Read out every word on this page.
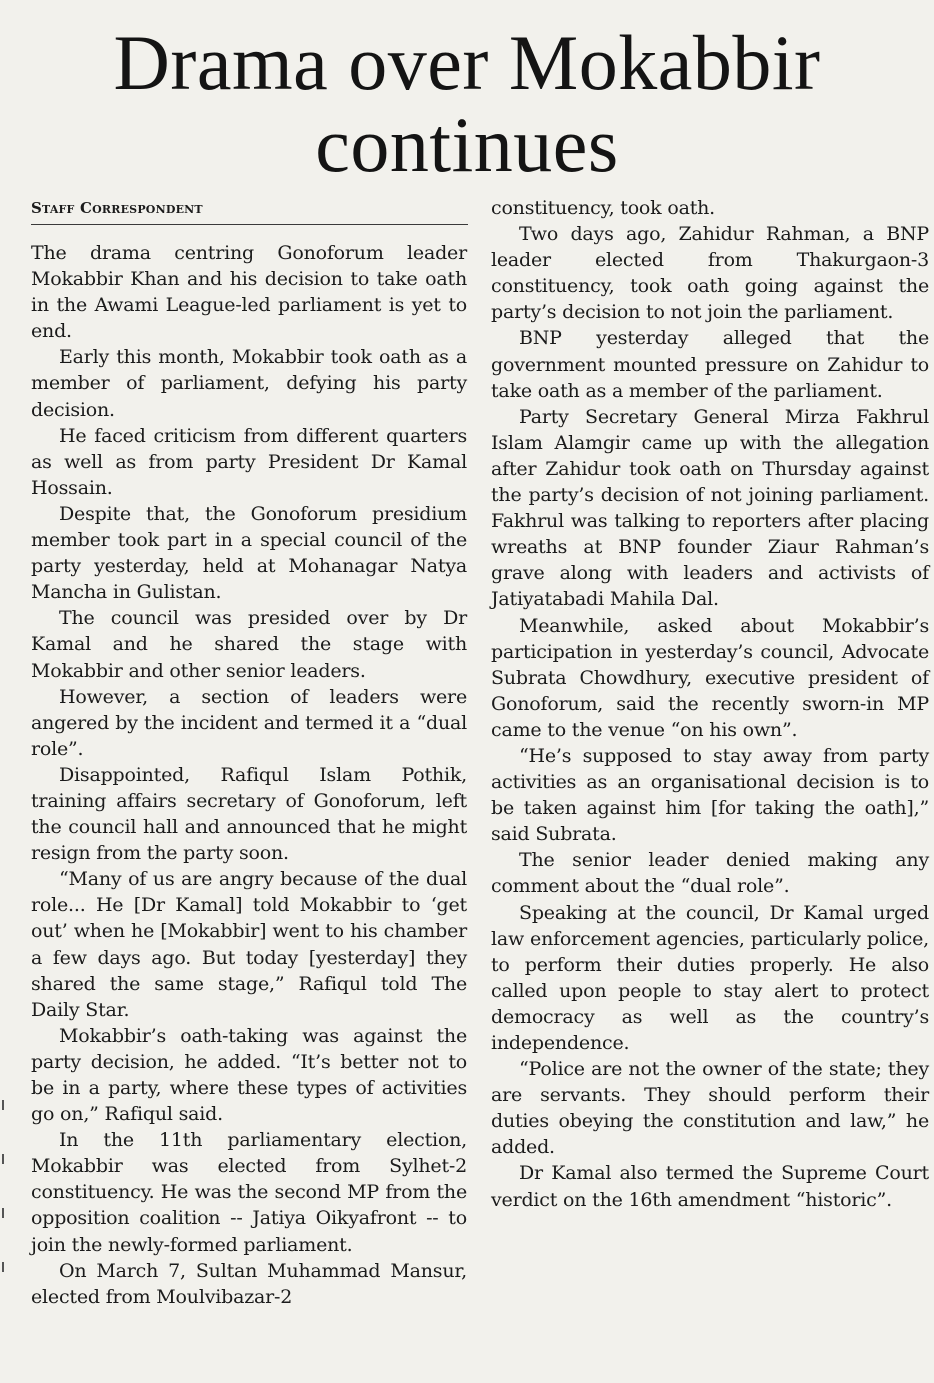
Drama over Mokabbir
continues
Staff Correspondent

The drama centring Gonoforum leader Mokabbir Khan and his decision to take oath in the Awami League-led parliament is yet to end.

Early this month, Mokabbir took oath as a member of parliament, defying his party decision.

He faced criticism from different quarters as well as from party President Dr Kamal Hossain.

Despite that, the Gonoforum presidium member took part in a special council of the party yesterday, held at Mohanagar Natya Mancha in Gulistan.

The council was presided over by Dr Kamal and he shared the stage with Mokabbir and other senior leaders.

However, a section of leaders were angered by the incident and termed it a “dual role”.

Disappointed, Rafiqul Islam Pothik, training affairs secretary of Gonoforum, left the council hall and announced that he might resign from the party soon.

“Many of us are angry because of the dual role... He [Dr Kamal] told Mokabbir to ‘get out’ when he [Mokabbir] went to his chamber a few days ago. But today [yesterday] they shared the same stage,” Rafiqul told The Daily Star.

Mokabbir’s oath-taking was against the party decision, he added. “It’s better not to be in a party, where these types of activities go on,” Rafiqul said.

In the 11th parliamentary election, Mokabbir was elected from Sylhet-2 constituency. He was the second MP from the opposition coalition -- Jatiya Oikyafront -- to join the newly-formed parliament.

On March 7, Sultan Muhammad Mansur, elected from Moulvibazar-2

constituency, took oath.

Two days ago, Zahidur Rahman, a BNP leader elected from Thakurgaon-3 constituency, took oath going against the party’s decision to not join the parliament.

BNP yesterday alleged that the government mounted pressure on Zahidur to take oath as a member of the parliament.

Party Secretary General Mirza Fakhrul Islam Alamgir came up with the allegation after Zahidur took oath on Thursday against the party’s decision of not joining parliament. Fakhrul was talking to reporters after placing wreaths at BNP founder Ziaur Rahman’s grave along with leaders and activists of Jatiyatabadi Mahila Dal.

Meanwhile, asked about Mokabbir’s participation in yesterday’s council, Advocate Subrata Chowdhury, executive president of Gonoforum, said the recently sworn-in MP came to the venue “on his own”.

“He’s supposed to stay away from party activities as an organisational decision is to be taken against him [for taking the oath],” said Subrata.

The senior leader denied making any comment about the “dual role”.

Speaking at the council, Dr Kamal urged law enforcement agencies, particularly police, to perform their duties properly. He also called upon people to stay alert to protect democracy as well as the country’s independence.

“Police are not the owner of the state; they are servants. They should perform their duties obeying the constitution and law,” he added.

Dr Kamal also termed the Supreme Court verdict on the 16th amendment “historic”.
